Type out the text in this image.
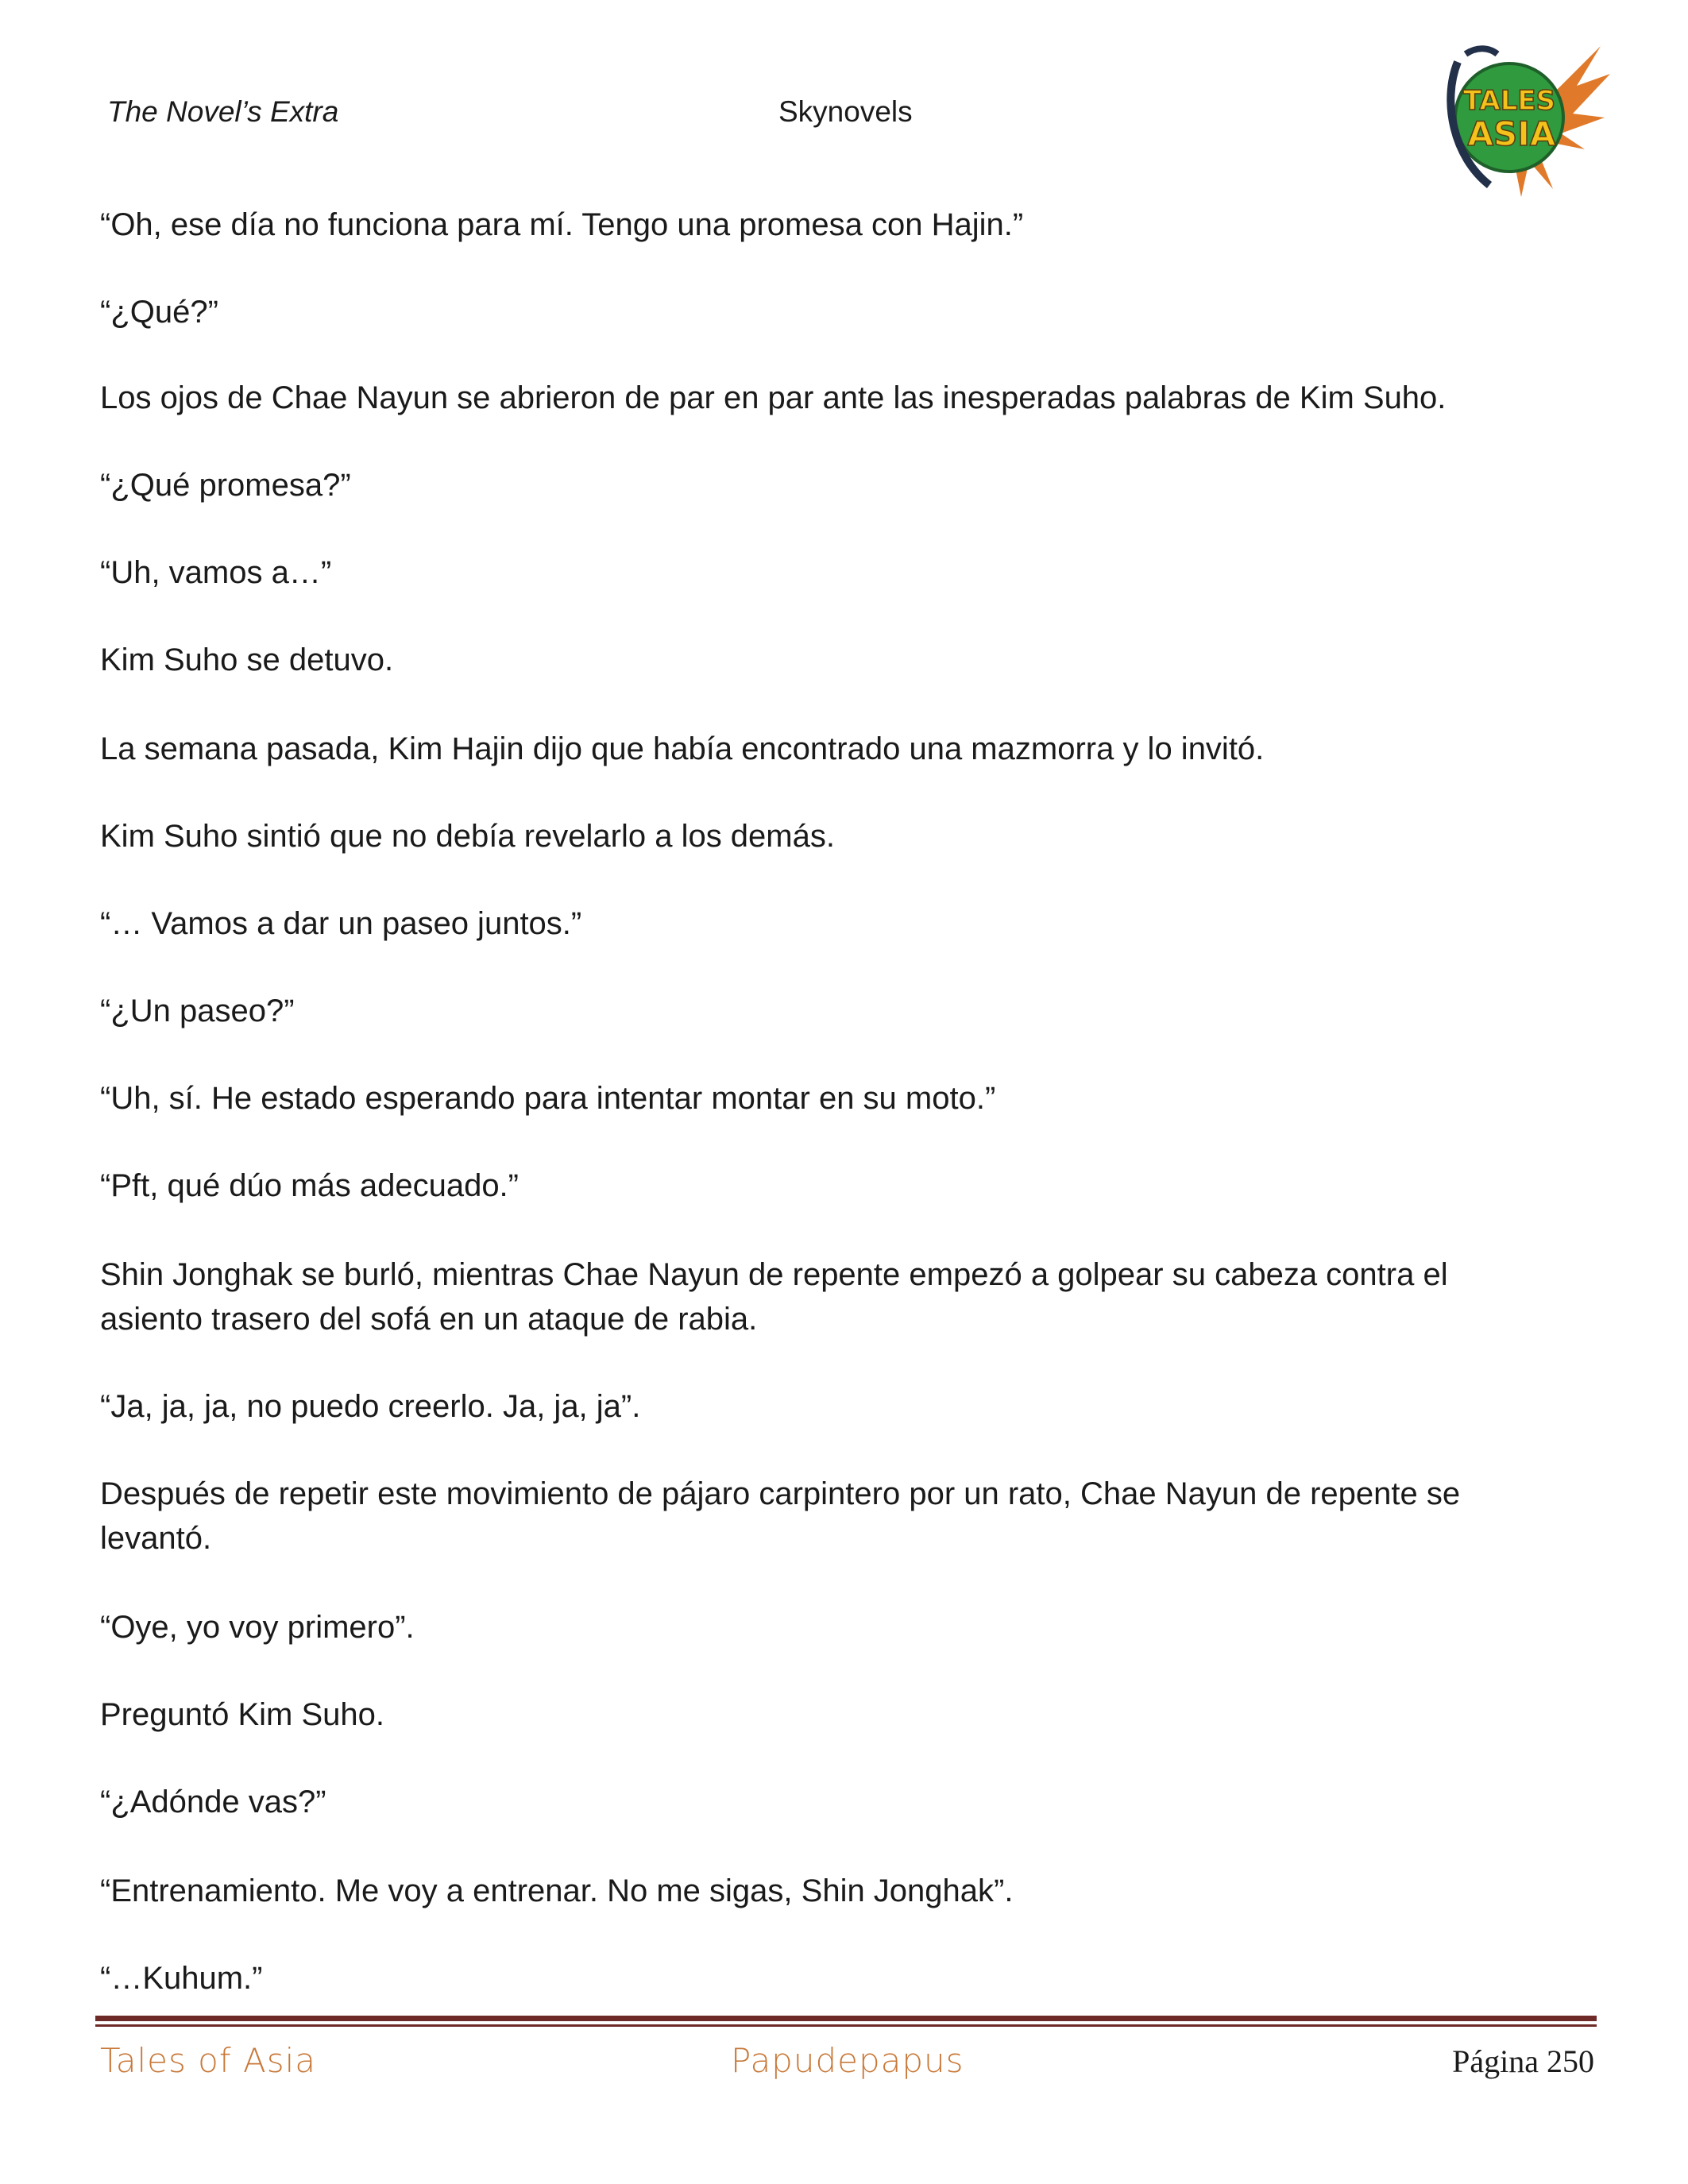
The Novel’s Extra	Skynovels	TALES
ASIA

“Oh, ese día no funciona para mí. Tengo una promesa con Hajin.”

“¿Qué?”

Los ojos de Chae Nayun se abrieron de par en par ante las inesperadas palabras de Kim Suho.

“¿Qué promesa?”

“Uh, vamos a…”

Kim Suho se detuvo.

La semana pasada, Kim Hajin dijo que había encontrado una mazmorra y lo invitó.

Kim Suho sintió que no debía revelarlo a los demás.

“… Vamos a dar un paseo juntos.”

“¿Un paseo?”

“Uh, sí. He estado esperando para intentar montar en su moto.”

“Pft, qué dúo más adecuado.”

Shin Jonghak se burló, mientras Chae Nayun de repente empezó a golpear su cabeza contra el asiento trasero del sofá en un ataque de rabia.

“Ja, ja, ja, no puedo creerlo. Ja, ja, ja”.

Después de repetir este movimiento de pájaro carpintero por un rato, Chae Nayun de repente se levantó.

“Oye, yo voy primero”.

Preguntó Kim Suho.

“¿Adónde vas?”

“Entrenamiento. Me voy a entrenar. No me sigas, Shin Jonghak”.

“…Kuhum.”

Tales of Asia	Papudepapus	Página 250
